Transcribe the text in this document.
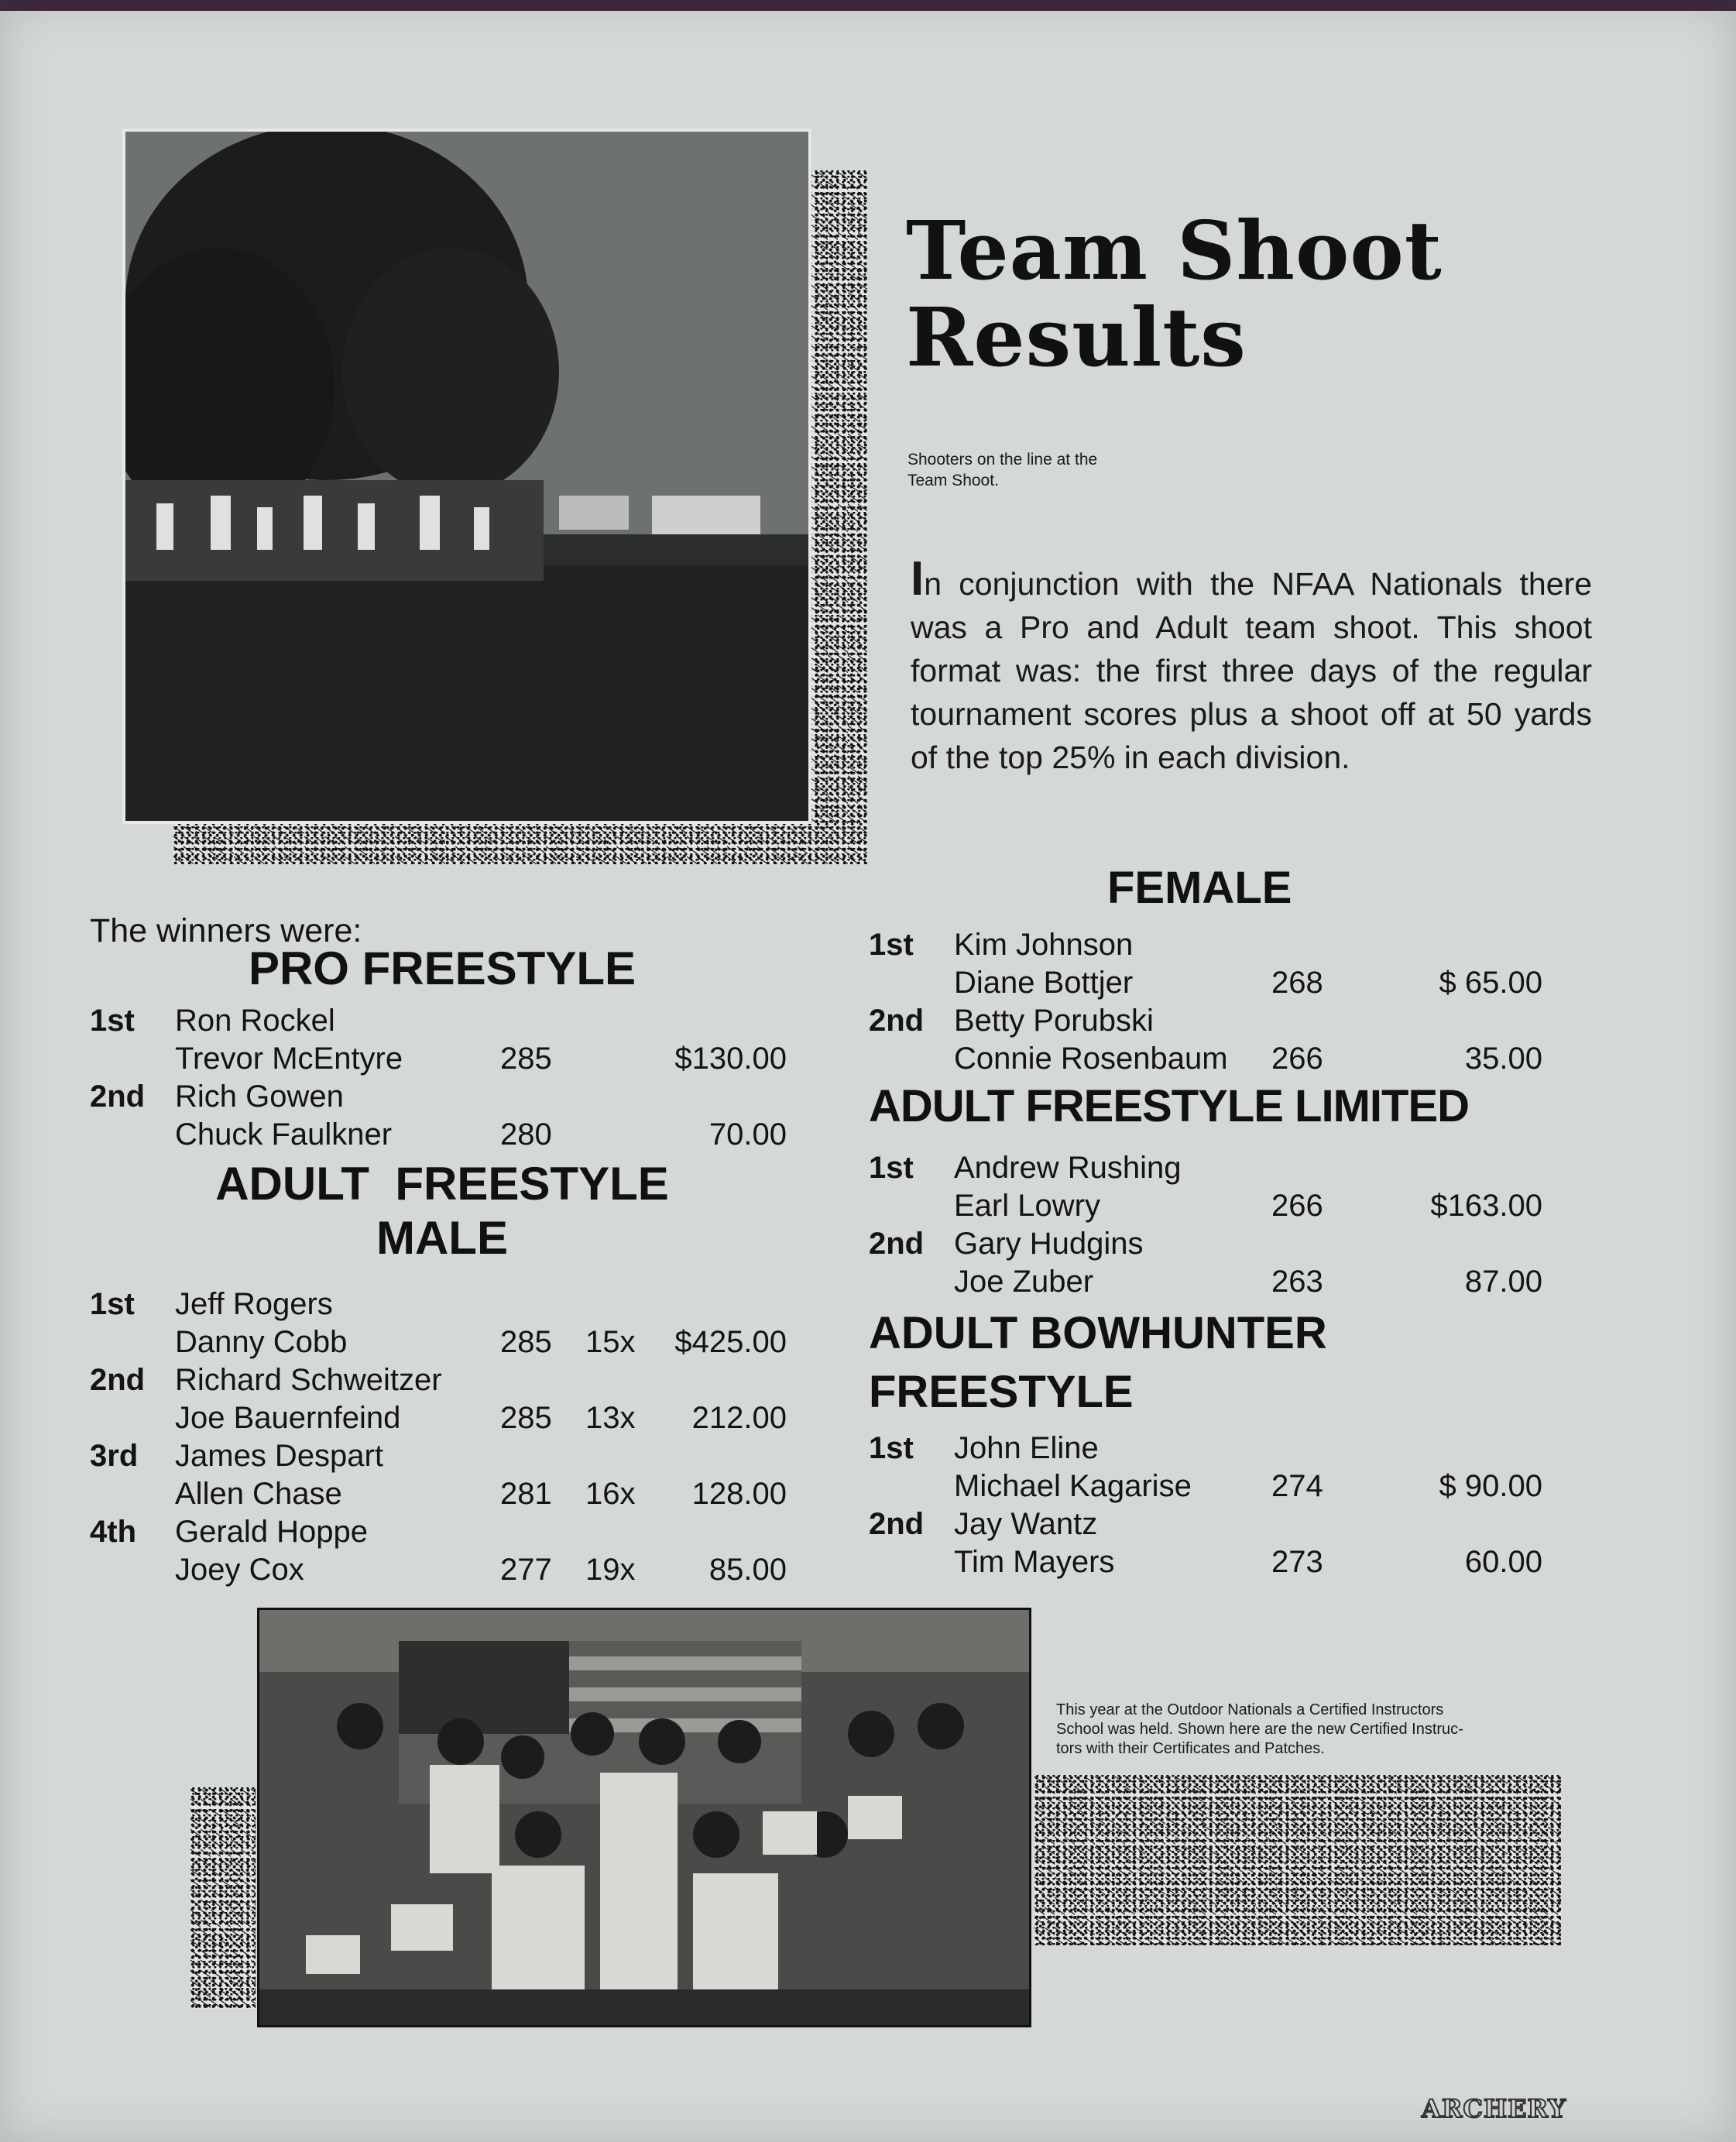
Team Shoot
Results
Shooters on the line at the
Team Shoot.

In conjunction with the NFAA Nationals there was a Pro and Adult team shoot. This shoot format was: the first three days of the regular tournament scores plus a shoot off at 50 yards of the top 25% in each division.

The winners were:
PRO FREESTYLE
1st	Ron Rockel
Trevor McEntyre	285	$130.00
2nd Rich Gowen
Chuck Faulkner	280	70.00
ADULT  FREESTYLE
MALE
1st	Jeff Rogers
Danny Cobb	285	15x	$425.00
2nd Richard Schweitzer
Joe Bauernfeind	285	13x	212.00
3rd	James Despart
Allen Chase	281	16x	128.00
4th	Gerald Hoppe
Joey Cox	277	19x	85.00
FEMALE
1st	Kim Johnson
Diane Bottjer	268	$ 65.00
2nd Betty Porubski
Connie Rosenbaum	266	35.00
ADULT FREESTYLE LIMITED
1st	Andrew Rushing
Earl Lowry	266	$163.00
2nd Gary Hudgins
Joe Zuber	263	87.00
ADULT BOWHUNTER
FREESTYLE
1st	John Eline
Michael Kagarise	274	$ 90.00
2nd Jay Wantz
Tim Mayers	273	60.00
This year at the Outdoor Nationals a Certified Instructors
School was held. Shown here are the new Certified Instruc-
tors with their Certificates and Patches.
ARCHERY
